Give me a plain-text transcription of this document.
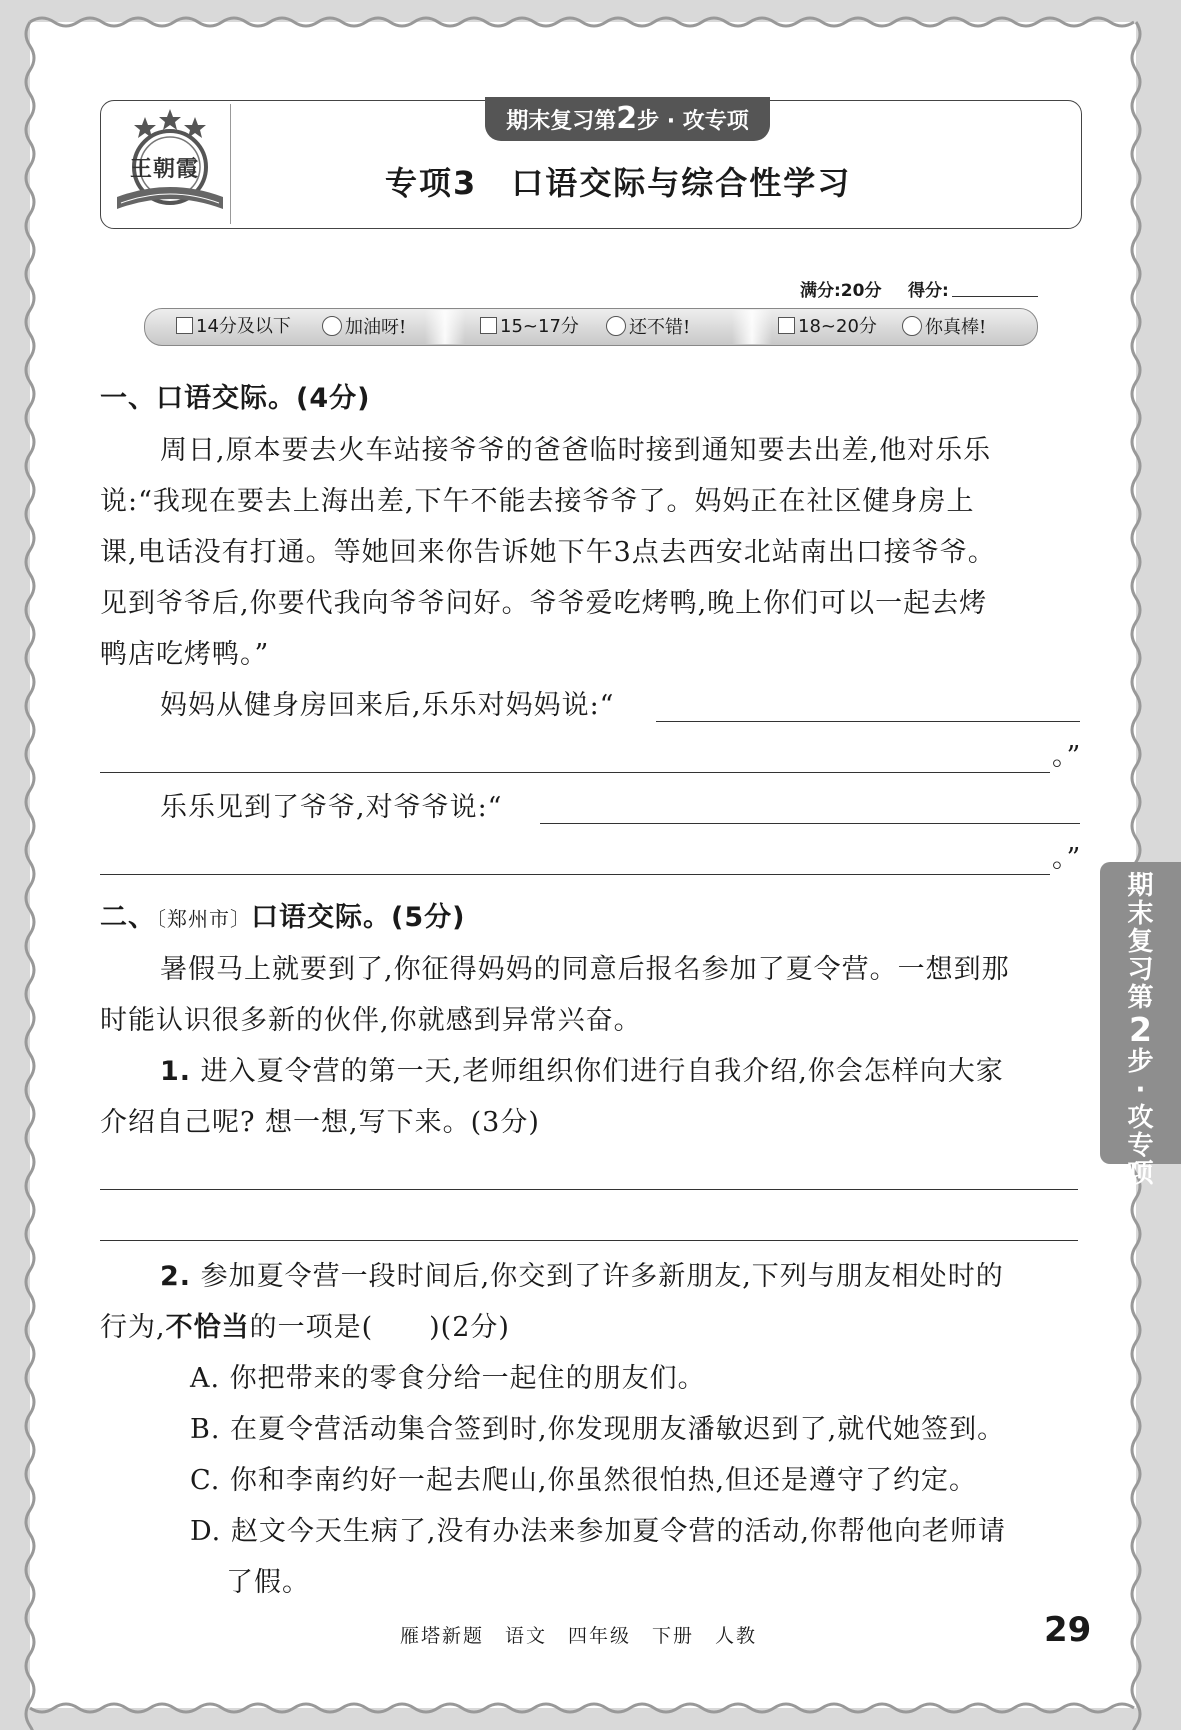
王朝霞
期末复习第2步 · 攻专项
专项3　口语交际与综合性学习
满分:20分 得分:
14分及以下	加油呀!	15~17分	还不错!	18~20分	你真棒!
一、口语交际。(4分)
周日,原本要去火车站接爷爷的爸爸临时接到通知要去出差,他对乐乐
说:“我现在要去上海出差,下午不能去接爷爷了。妈妈正在社区健身房上
课,电话没有打通。等她回来你告诉她下午3点去西安北站南出口接爷爷。
见到爷爷后,你要代我向爷爷问好。爷爷爱吃烤鸭,晚上你们可以一起去烤
鸭店吃烤鸭。”
妈妈从健身房回来后,乐乐对妈妈说:“
。”
乐乐见到了爷爷,对爷爷说:“
。”
二、〔郑州市〕口语交际。(5分)
暑假马上就要到了,你征得妈妈的同意后报名参加了夏令营。一想到那
时能认识很多新的伙伴,你就感到异常兴奋。
1. 进入夏令营的第一天,老师组织你们进行自我介绍,你会怎样向大家
介绍自己呢? 想一想,写下来。(3分)
2. 参加夏令营一段时间后,你交到了许多新朋友,下列与朋友相处时的
行为,不恰当的一项是(　　)(2分)
A. 你把带来的零食分给一起住的朋友们。
B. 在夏令营活动集合签到时,你发现朋友潘敏迟到了,就代她签到。
C. 你和李南约好一起去爬山,你虽然很怕热,但还是遵守了约定。
D. 赵文今天生病了,没有办法来参加夏令营的活动,你帮他向老师请
了假。
期
末
复
习
第
2
步
·
攻
专
项
雁塔新题　语文　四年级　下册　人教	29
